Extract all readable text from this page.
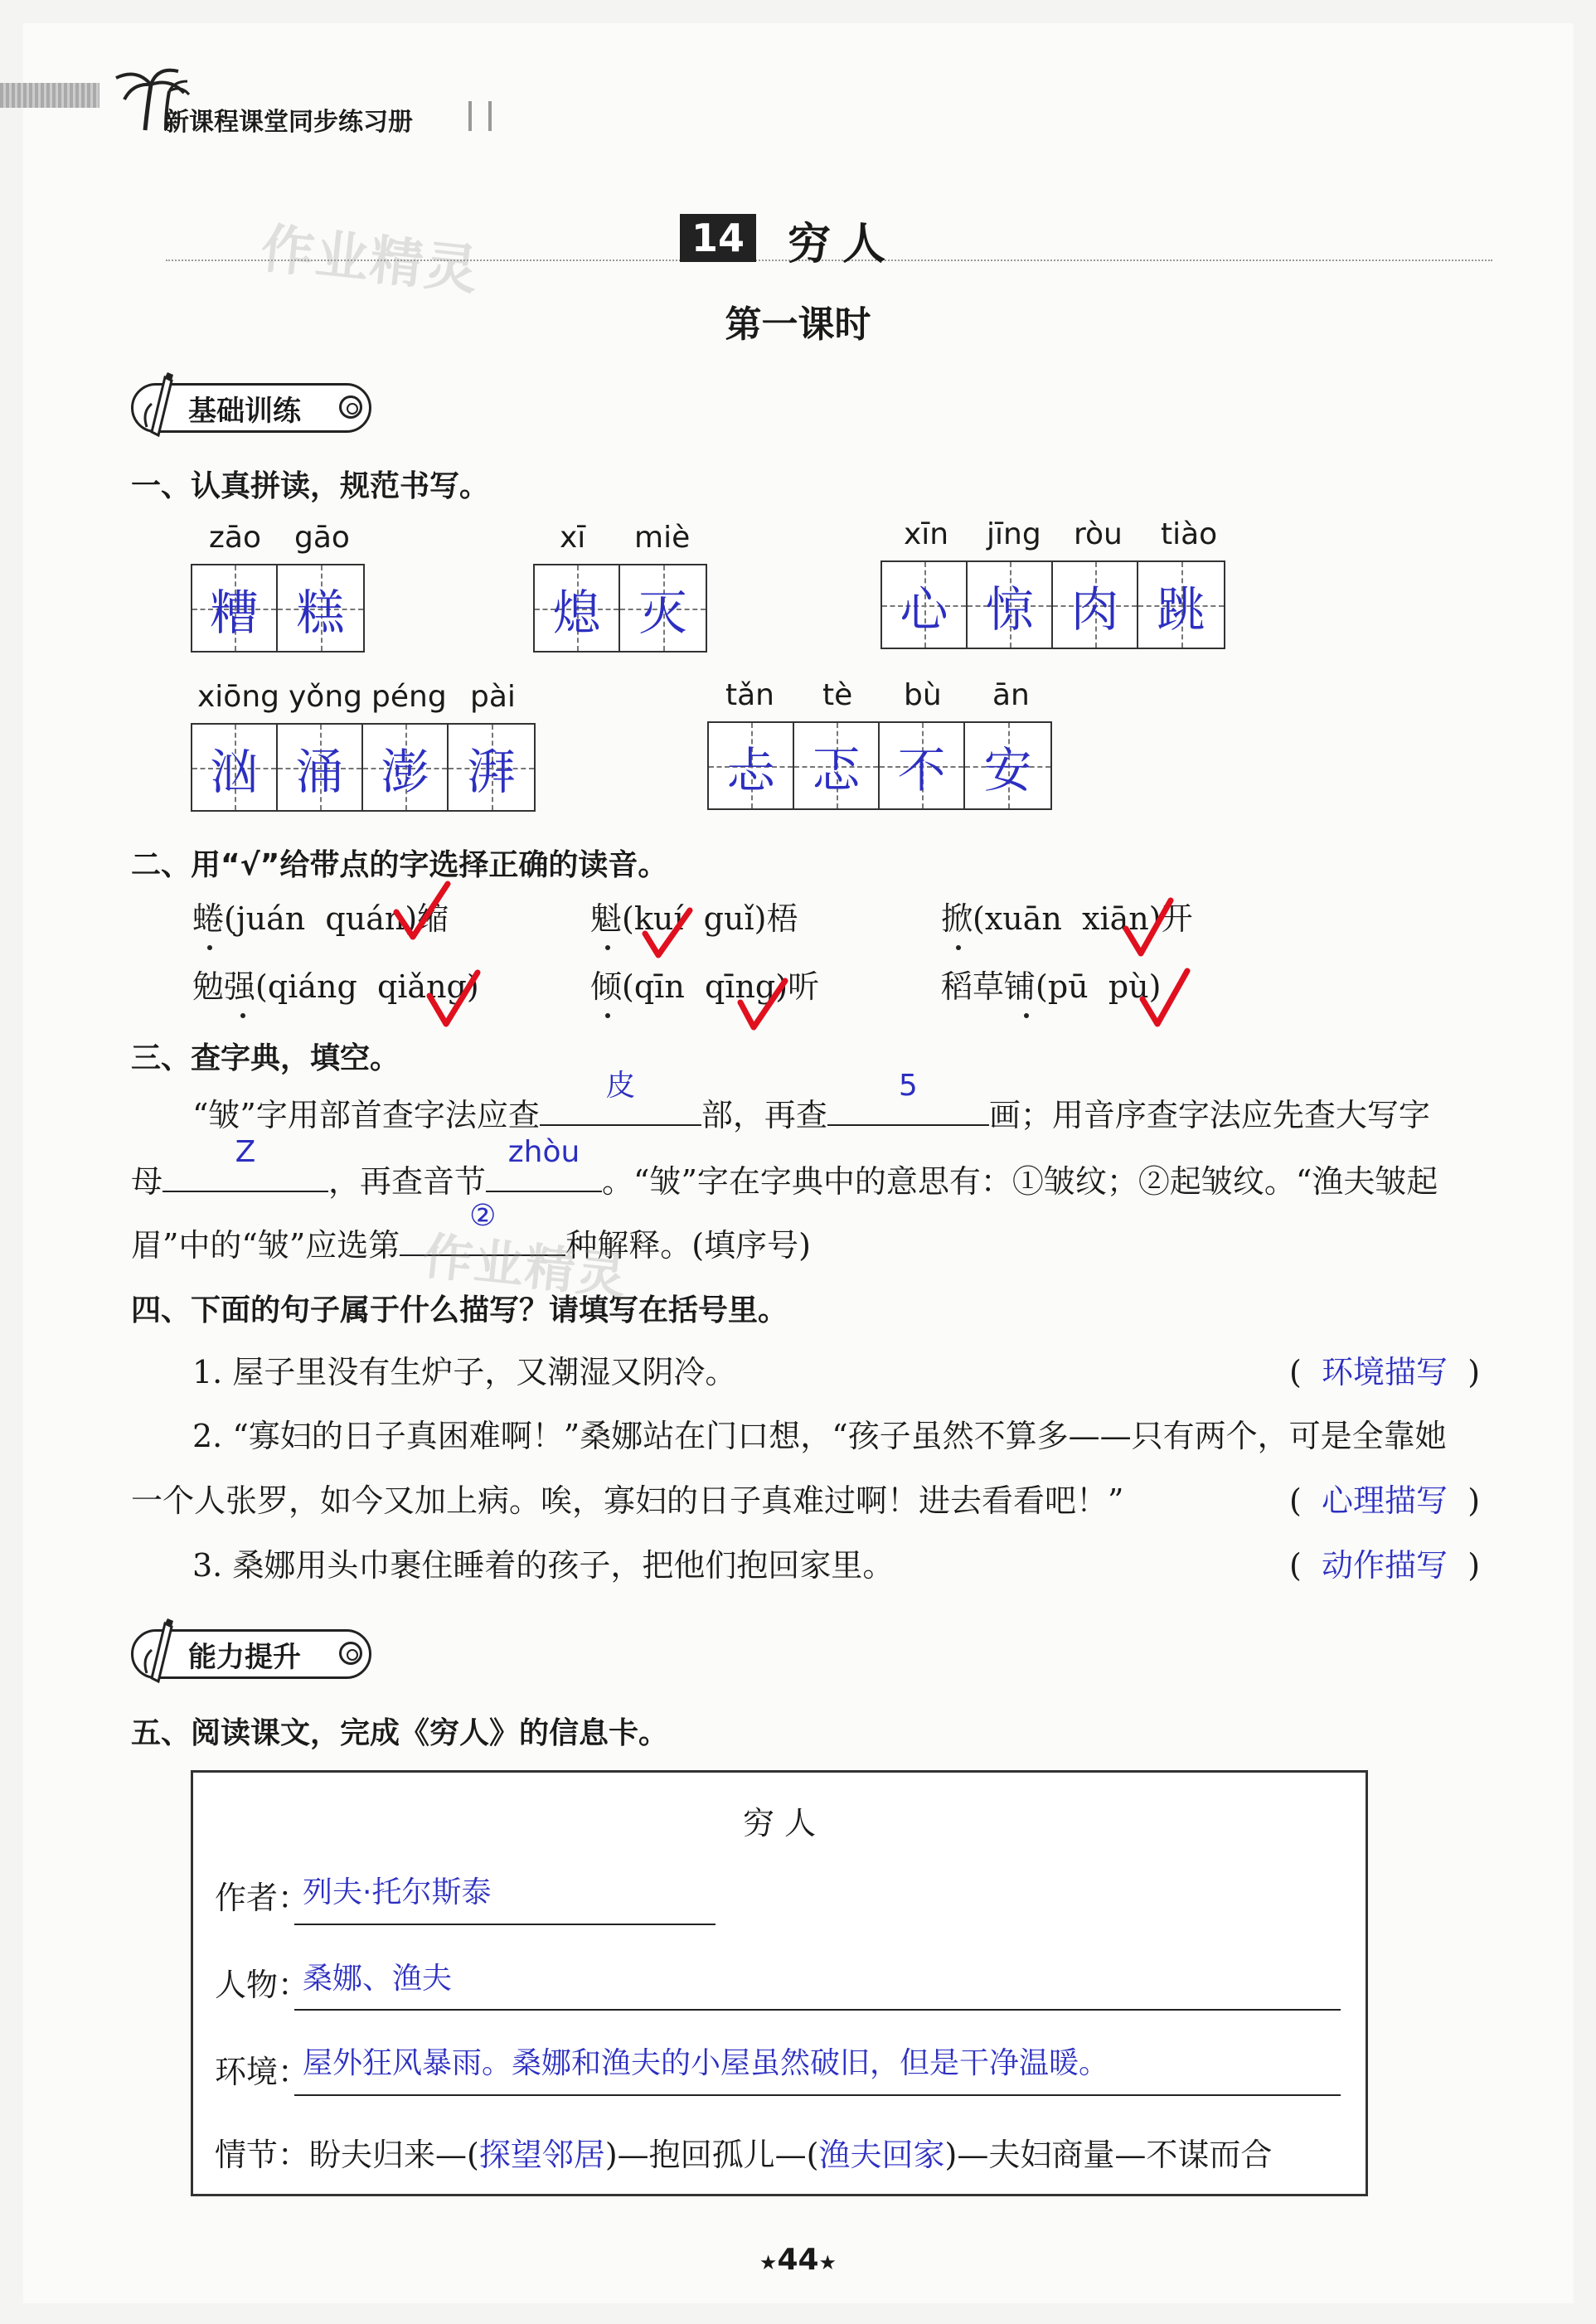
新课程课堂同步练习册
作业精灵	14 穷人
第一课时
基础训练
一、认真拼读，规范书写。
zāo gāo
糟 糕
xī miè
熄 灭
xīn jīng ròu tiào
心 惊 肉 跳
xiōng yǒng péng pài
汹 涌 澎 湃
tǎn tè bù ān
忐 忑 不 安
二、用“√”给带点的字选择正确的读音。
蜷(juán quán)缩	魁(kuí guǐ)梧	掀(xuān xiān)开
勉强(qiáng qiǎng)	倾(qīn qīng)听	稻草铺(pū pù)
三、查字典，填空。
“皱”字用部首查字法应查
皮
部，再查
5
画；用音序查字法应先查大写字
母
Z
，再查音节
zhòu
。“皱”字在字典中的意思有：①皱纹；②起皱纹。“渔夫皱起
眉”中的“皱”应选第
②
种解释。(填序号)
作业精灵
四、下面的句子属于什么描写？请填写在括号里。
1. 屋子里没有生炉子，又潮湿又阴冷。	( 环境描写 )
2. “寡妇的日子真困难啊！”桑娜站在门口想，“孩子虽然不算多——只有两个，可是全靠她
一个人张罗，如今又加上病。唉，寡妇的日子真难过啊！进去看看吧！”	( 心理描写 )
3. 桑娜用头巾裹住睡着的孩子，把他们抱回家里。	( 动作描写 )
能力提升
五、阅读课文，完成《穷人》的信息卡。
穷 人
作者：
列夫·托尔斯泰
人物：
桑娜、渔夫
环境：
屋外狂风暴雨。桑娜和渔夫的小屋虽然破旧，但是干净温暖。
情节：盼夫归来—(探望邻居)—抱回孤儿—(渔夫回家)—夫妇商量—不谋而合
★44★
